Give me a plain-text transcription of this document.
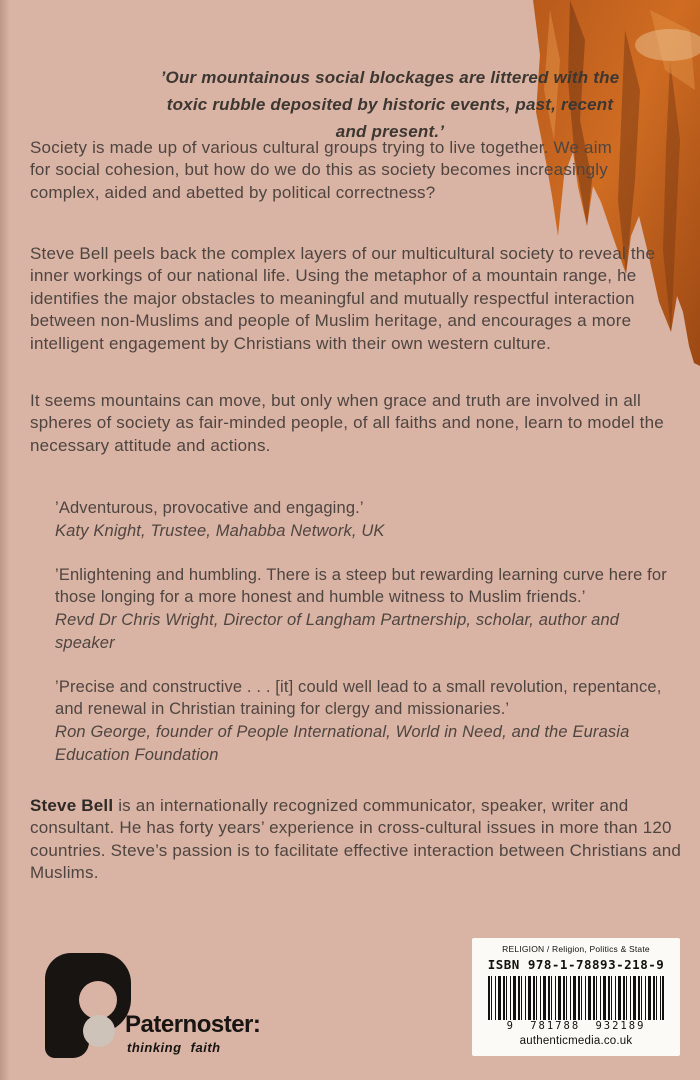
’Our mountainous social blockages are littered with the toxic rubble deposited by historic events, past, recent and present.’

Society is made up of various cultural groups trying to live together. We aim for social cohesion, but how do we do this as society becomes increasingly complex, aided and abetted by political correctness?

Steve Bell peels back the complex layers of our multicultural society to reveal the inner workings of our national life. Using the metaphor of a mountain range, he identifies the major obstacles to meaningful and mutually respectful interaction between non-Muslims and people of Muslim heritage, and encourages a more intelligent engagement by Christians with their own western culture.

It seems mountains can move, but only when grace and truth are involved in all spheres of society as fair-minded people, of all faiths and none, learn to model the necessary attitude and actions.

’Adventurous, provocative and engaging.’

Katy Knight, Trustee, Mahabba Network, UK

’Enlightening and humbling. There is a steep but rewarding learning curve here for those longing for a more honest and humble witness to Muslim friends.’

Revd Dr Chris Wright, Director of Langham Partnership, scholar, author and speaker

’Precise and constructive . . . [it] could well lead to a small revolution, repentance, and renewal in Christian training for clergy and missionaries.’

Ron George, founder of People International, World in Need, and the Eurasia Education Foundation

Steve Bell is an internationally recognized communicator, speaker, writer and consultant. He has forty years’ experience in cross-cultural issues in more than 120 countries. Steve’s passion is to facilitate effective interaction between Christians and Muslims.

Paternoster:
thinking faith
RELIGION / Religion, Politics & State
ISBN 978-1-78893-218-9
9 781788 932189
authenticmedia.co.uk
